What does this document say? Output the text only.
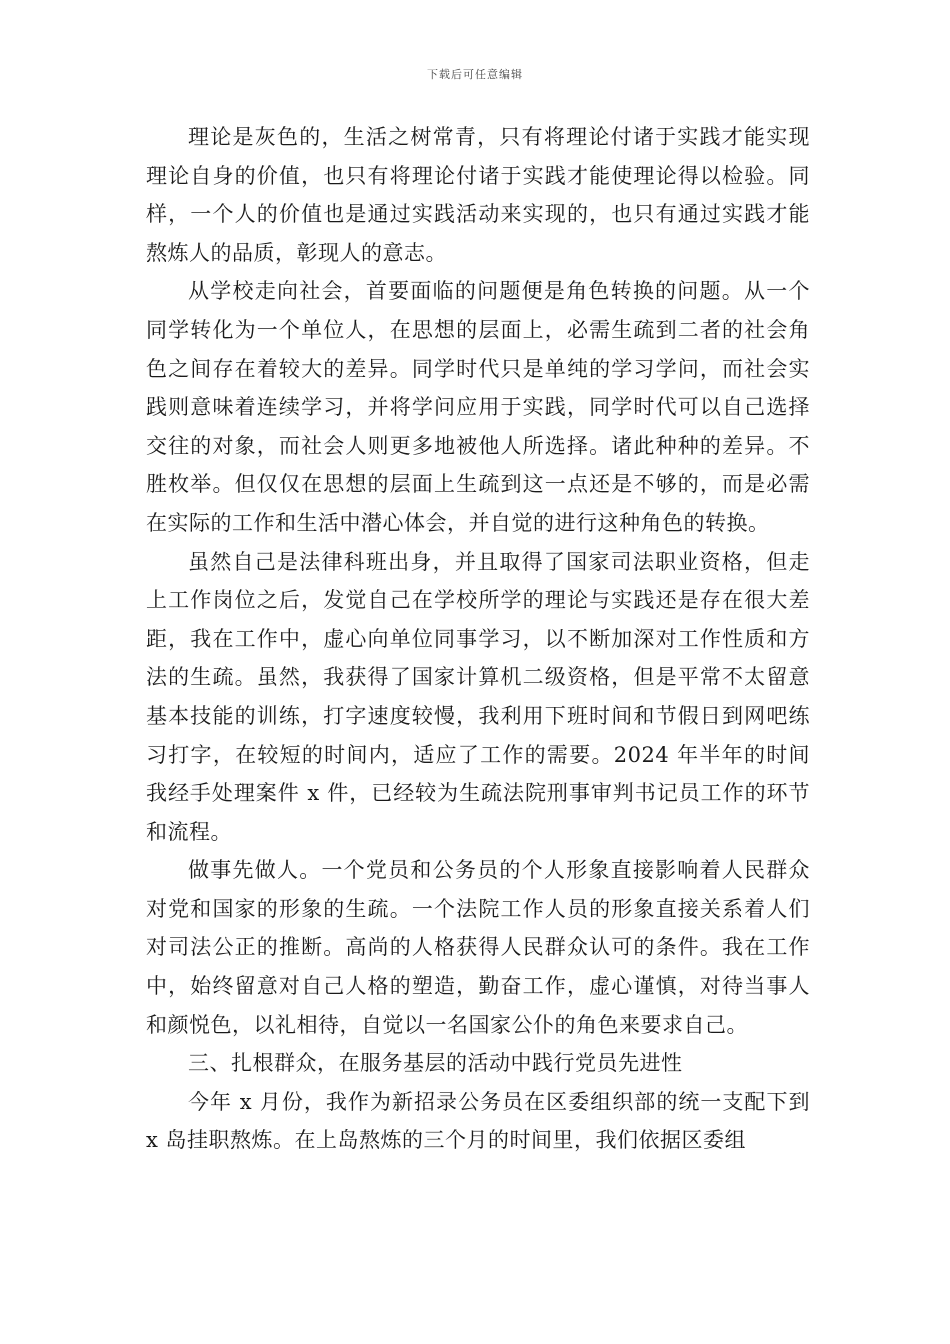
下载后可任意编辑

理论是灰色的，生活之树常青，只有将理论付诸于实践才能实现理论自身的价值，也只有将理论付诸于实践才能使理论得以检验。同样，一个人的价值也是通过实践活动来实现的，也只有通过实践才能熬炼人的品质，彰现人的意志。

从学校走向社会，首要面临的问题便是角色转换的问题。从一个同学转化为一个单位人，在思想的层面上，必需生疏到二者的社会角色之间存在着较大的差异。同学时代只是单纯的学习学问，而社会实践则意味着连续学习，并将学问应用于实践，同学时代可以自己选择交往的对象，而社会人则更多地被他人所选择。诸此种种的差异。不胜枚举。但仅仅在思想的层面上生疏到这一点还是不够的，而是必需在实际的工作和生活中潜心体会，并自觉的进行这种角色的转换。

虽然自己是法律科班出身，并且取得了国家司法职业资格，但走上工作岗位之后，发觉自己在学校所学的理论与实践还是存在很大差距，我在工作中，虚心向单位同事学习，以不断加深对工作性质和方法的生疏。虽然，我获得了国家计算机二级资格，但是平常不太留意基本技能的训练，打字速度较慢，我利用下班时间和节假日到网吧练习打字，在较短的时间内，适应了工作的需要。2024 年半年的时间我经手处理案件 x 件，已经较为生疏法院刑事审判书记员工作的环节和流程。

做事先做人。一个党员和公务员的个人形象直接影响着人民群众对党和国家的形象的生疏。一个法院工作人员的形象直接关系着人们对司法公正的推断。高尚的人格获得人民群众认可的条件。我在工作中，始终留意对自己人格的塑造，勤奋工作，虚心谨慎，对待当事人和颜悦色，以礼相待，自觉以一名国家公仆的角色来要求自己。

三、扎根群众，在服务基层的活动中践行党员先进性

今年 x 月份，我作为新招录公务员在区委组织部的统一支配下到 x 岛挂职熬炼。在上岛熬炼的三个月的时间里，我们依据区委组
